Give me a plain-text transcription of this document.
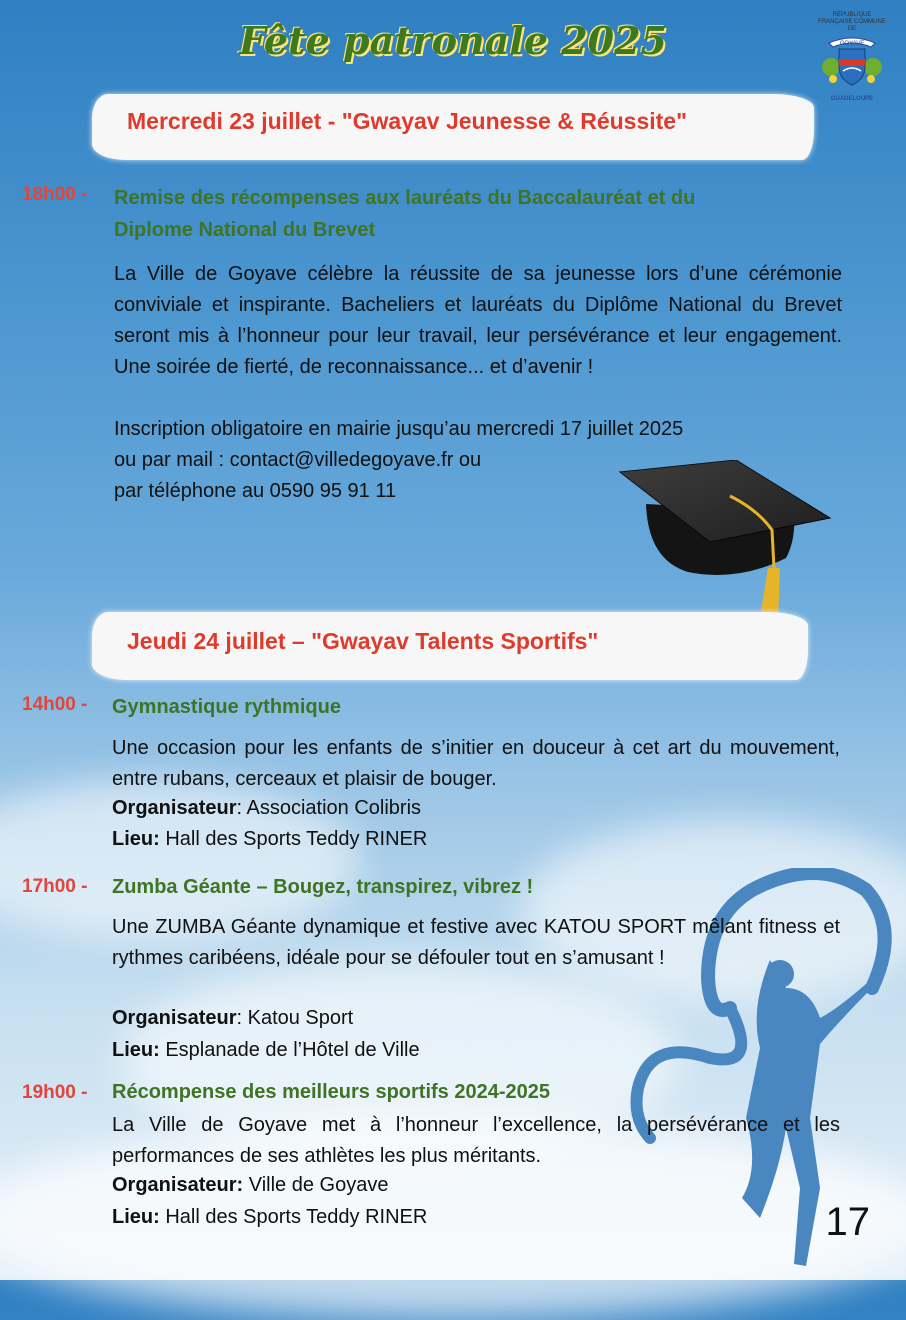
Fête patronale 2025
RÉPUBLIQUE FRANÇAISE COMMUNE DE
GOYAVE
GUADELOUPE
Mercredi 23 juillet - "Gwayav Jeunesse & Réussite"
18h00 - Remise des récompenses aux lauréats du Baccalauréat et du
Diplome National du Brevet
La Ville de Goyave célèbre la réussite de sa jeunesse lors d’une cérémonie conviviale et inspirante. Bacheliers et lauréats du Diplôme National du Brevet seront mis à l’honneur pour leur travail, leur persévérance et leur engagement. Une soirée de fierté, de reconnaissance... et d’avenir !
Inscription obligatoire en mairie jusqu’au mercredi 17 juillet 2025
ou par mail : contact@villedegoyave.fr ou
par téléphone au 0590 95 91 11
Jeudi 24 juillet – "Gwayav Talents Sportifs"
14h00 - Gymnastique rythmique
Une occasion pour les enfants de s’initier en douceur à cet art du mouvement, entre rubans, cerceaux et plaisir de bouger.
Organisateur: Association Colibris
Lieu: Hall des Sports Teddy RINER
17h00 - Zumba Géante – Bougez, transpirez, vibrez !
Une ZUMBA Géante dynamique et festive avec KATOU SPORT mêlant fitness et rythmes caribéens, idéale pour se défouler tout en s’amusant !
Organisateur: Katou Sport
Lieu: Esplanade de l’Hôtel de Ville
19h00 - Récompense des meilleurs sportifs 2024-2025
La Ville de Goyave met à l’honneur l’excellence, la persévérance et les performances de ses athlètes les plus méritants.
Organisateur: Ville de Goyave
Lieu: Hall des Sports Teddy RINER	17
